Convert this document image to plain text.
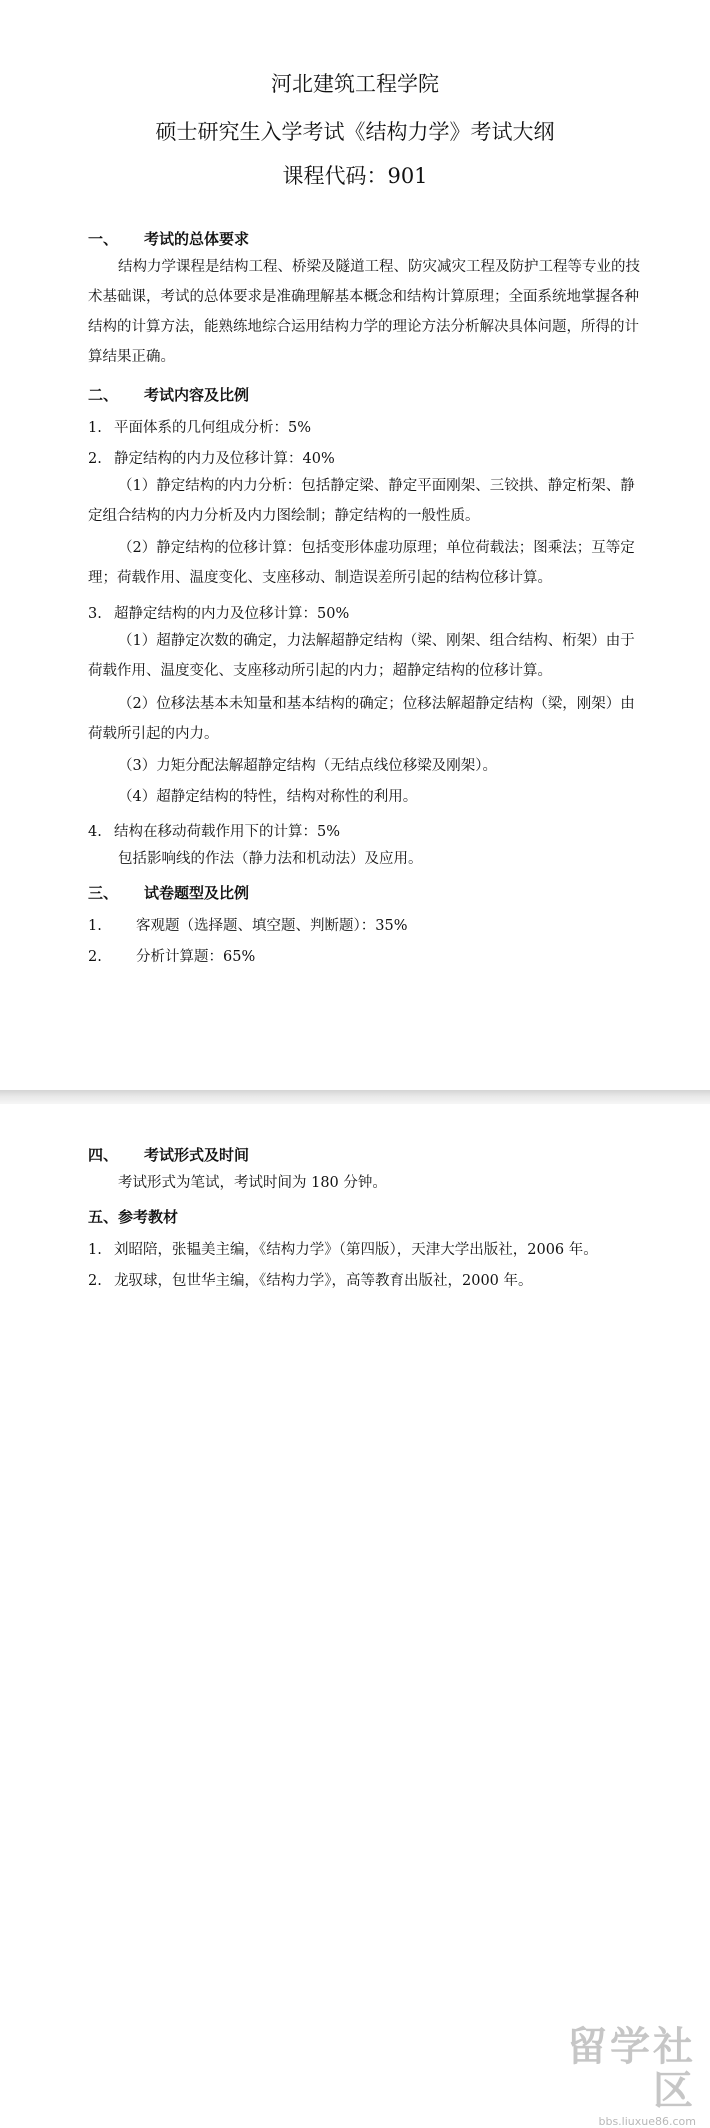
河北建筑工程学院
硕士研究生入学考试《结构力学》考试大纲
课程代码：901
一、 考试的总体要求
结构力学课程是结构工程、桥梁及隧道工程、防灾减灾工程及防护工程等专业的技术基础课，考试的总体要求是准确理解基本概念和结构计算原理；全面系统地掌握各种结构的计算方法，能熟练地综合运用结构力学的理论方法分析解决具体问题，所得的计算结果正确。
二、 考试内容及比例
1. 平面体系的几何组成分析：5%
2. 静定结构的内力及位移计算：40%
（1）静定结构的内力分析：包括静定梁、静定平面刚架、三铰拱、静定桁架、静定组合结构的内力分析及内力图绘制；静定结构的一般性质。
（2）静定结构的位移计算：包括变形体虚功原理；单位荷载法；图乘法；互等定理；荷载作用、温度变化、支座移动、制造误差所引起的结构位移计算。
3. 超静定结构的内力及位移计算：50%
（1）超静定次数的确定，力法解超静定结构（梁、刚架、组合结构、桁架）由于荷载作用、温度变化、支座移动所引起的内力；超静定结构的位移计算。
（2）位移法基本未知量和基本结构的确定；位移法解超静定结构（梁，刚架）由荷载所引起的内力。
（3）力矩分配法解超静定结构（无结点线位移梁及刚架）。
（4）超静定结构的特性，结构对称性的利用。
4. 结构在移动荷载作用下的计算：5%
包括影响线的作法（静力法和机动法）及应用。
三、 试卷题型及比例
1. 客观题（选择题、填空题、判断题）：35%
2. 分析计算题：65%
四、 考试形式及时间
考试形式为笔试，考试时间为 180 分钟。
五、参考教材
1. 刘昭陪，张韫美主编，《结构力学》（第四版），天津大学出版社，2006 年。
2. 龙驭球，包世华主编，《结构力学》，高等教育出版社，2000 年。
留学社区
bbs.liuxue86.com
